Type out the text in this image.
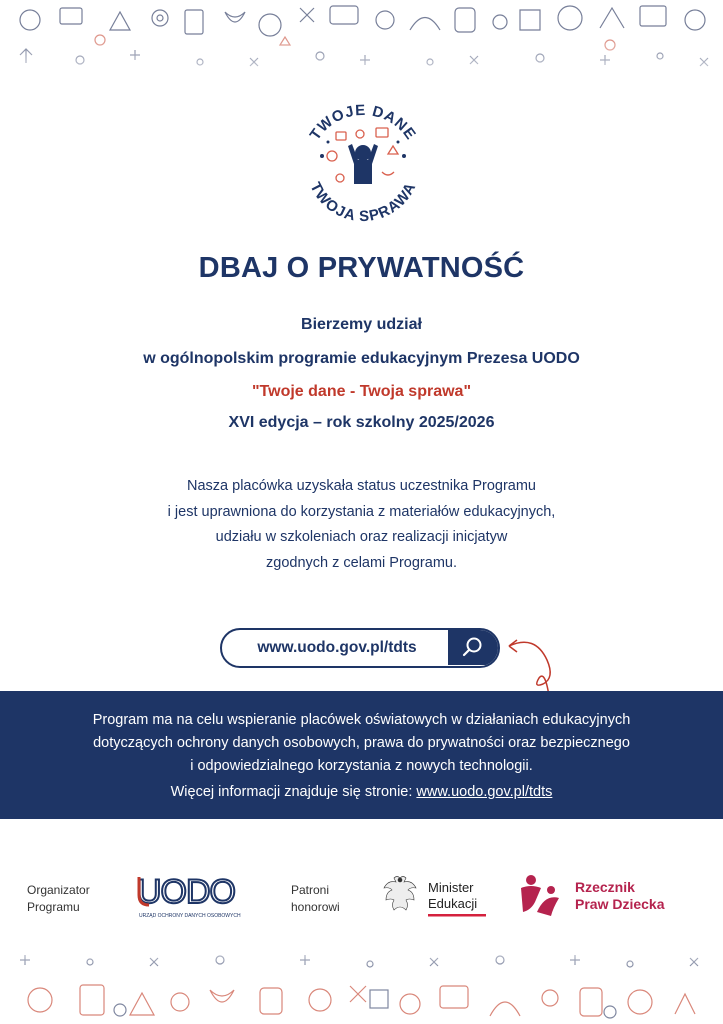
TWOJE DANE
TWOJA SPRAWA
DBAJ O PRYWATNOŚĆ
Bierzemy udział
w ogólnopolskim programie edukacyjnym Prezesa UODO
"Twoje dane - Twoja sprawa"
XVI edycja – rok szkolny 2025/2026
Nasza placówka uzyskała status uczestnika Programu
i jest uprawniona do korzystania z materiałów edukacyjnych,
udziału w szkoleniach oraz realizacji inicjatyw
zgodnych z celami Programu.
www.uodo.gov.pl/tdts
Program ma na celu wspieranie placówek oświatowych w działaniach edukacyjnych
dotyczących ochrony danych osobowych, prawa do prywatności oraz bezpiecznego
i odpowiedzialnego korzystania z nowych technologii.
Więcej informacji znajduje się stronie: www.uodo.gov.pl/tdts
Organizator
Programu UODO
URZĄD OCHRONY DANYCH OSOBOWYCH
Patroni
honorowi
Minister
Edukacji
Rzecznik
Praw Dziecka
